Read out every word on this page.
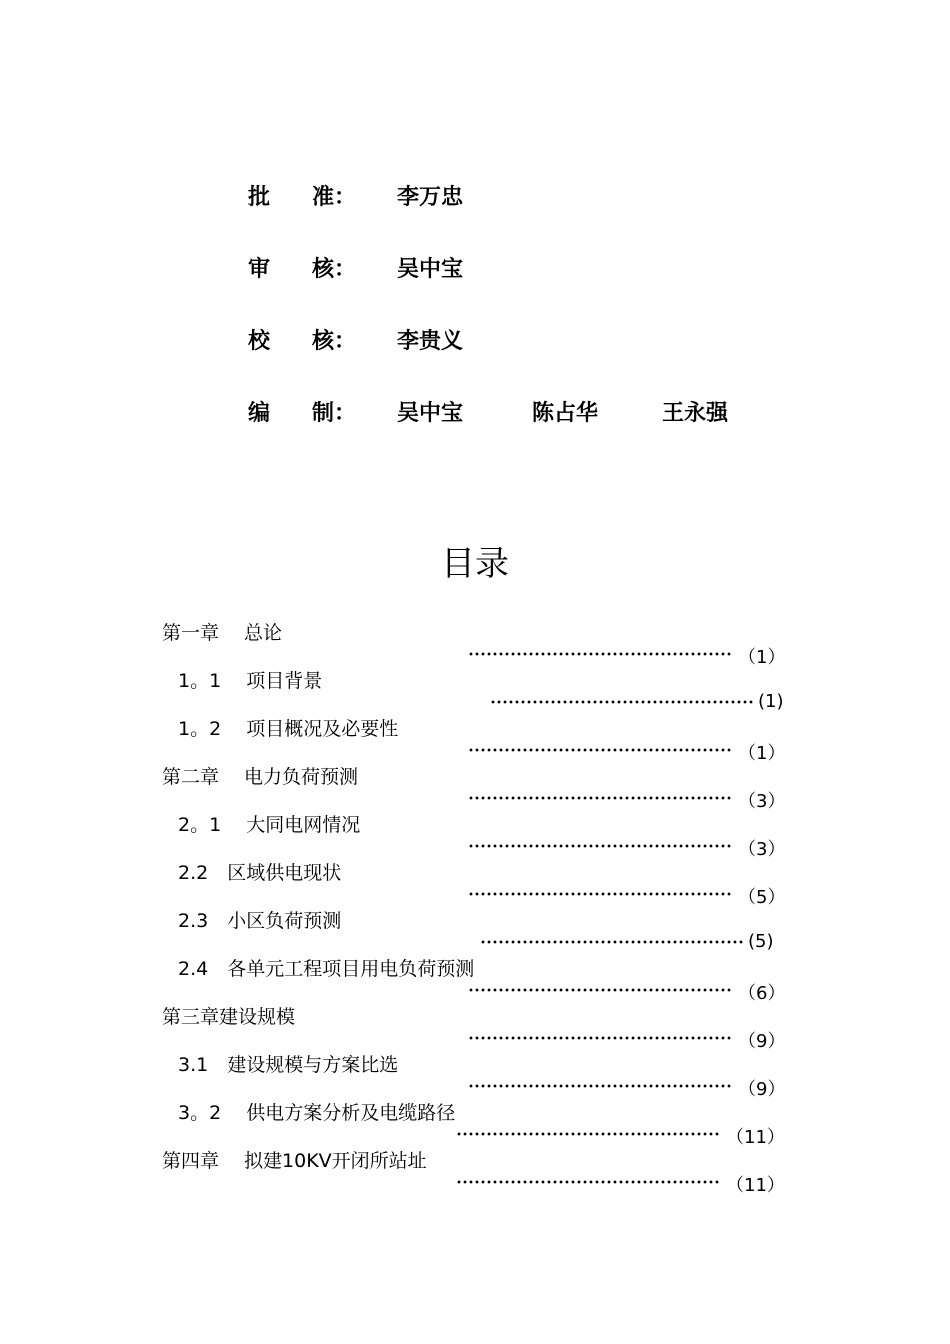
批 准： 李万忠
审 核： 吴中宝
校 核： 李贵义
编 制： 吴中宝	陈占华	王永强
目录
第一章　 总论
（1）
1。1　 项目背景
(1)
1。2　 项目概况及必要性
（1）
第二章　 电力负荷预测
（3）
2。1　 大同电网情况
（3）
2.2　区域供电现状
（5）
2.3　小区负荷预测
(5)
2.4　各单元工程项目用电负荷预测
（6）
第三章建设规模
（9）
3.1　建设规模与方案比选
（9）
3。2　 供电方案分析及电缆路径
（11）
第四章　 拟建10KV开闭所站址
（11）
